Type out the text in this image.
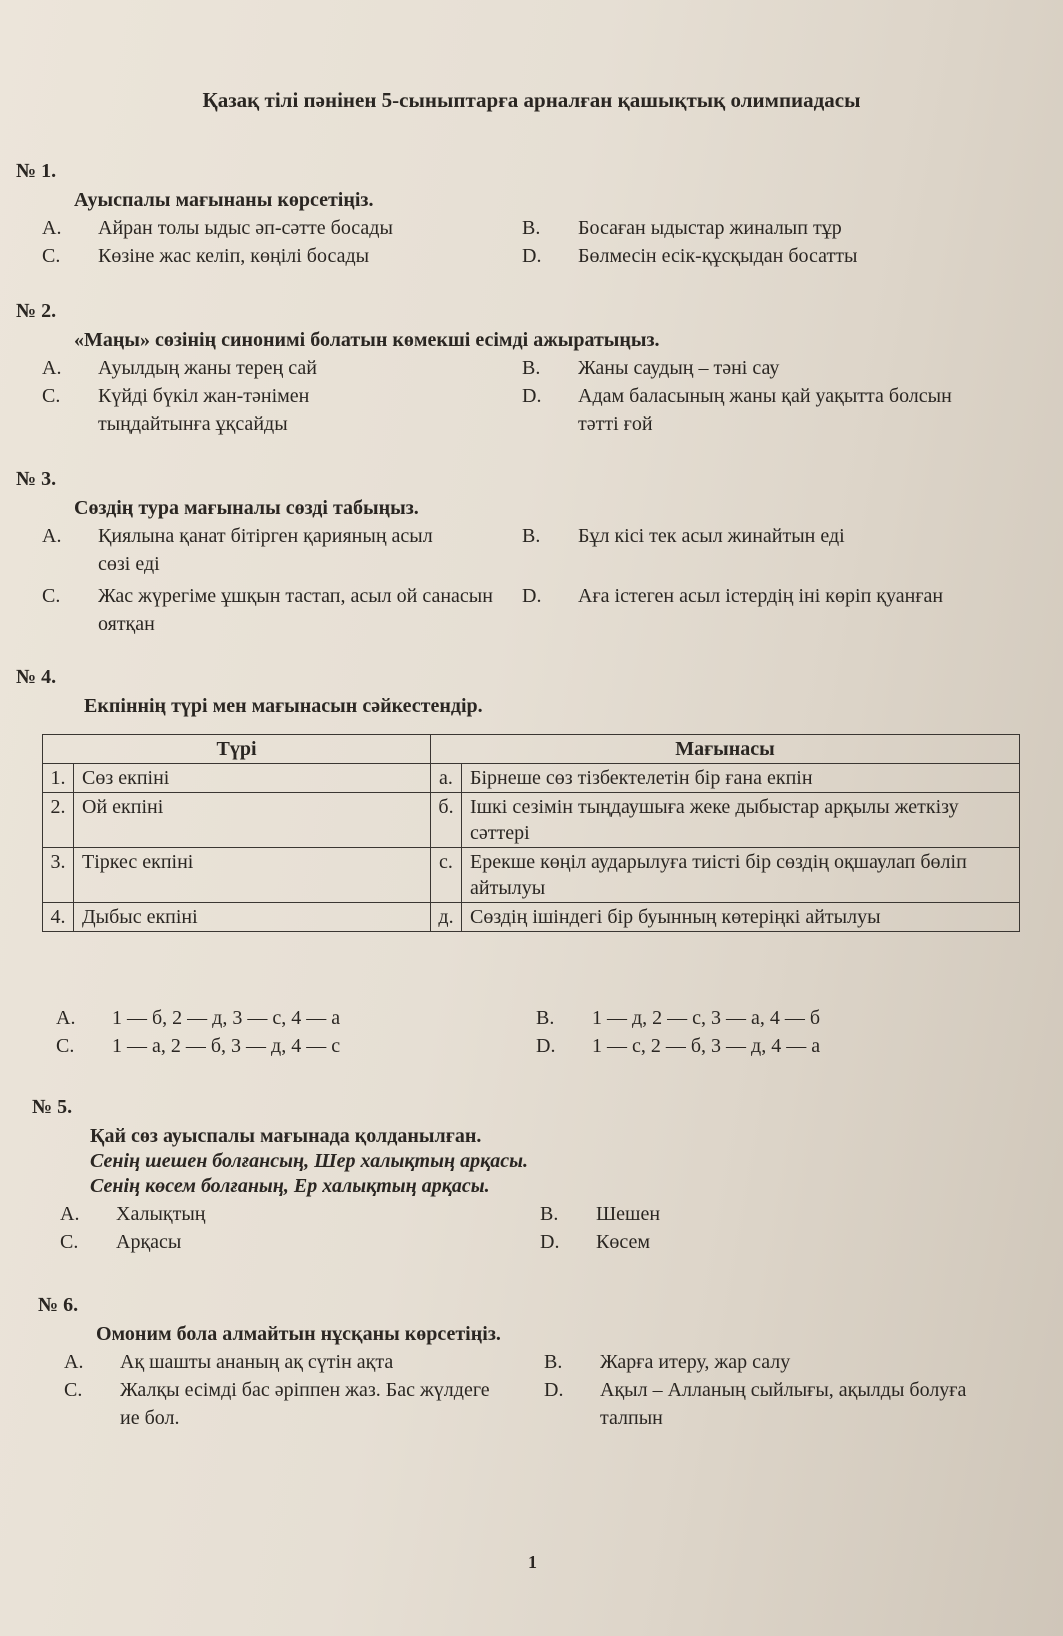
Қазақ тілі пәнінен 5-сыныптарға арналған қашықтық олимпиадасы
№ 1.
Ауыспалы мағынаны көрсетіңіз.
A.	Айран толы ыдыс әп-сәтте босады	B.	Босаған ыдыстар жиналып тұр
C.	Көзіне жас келіп, көңілі босады	D.	Бөлмесін есік-құсқыдан босатты
№ 2.
«Маңы» сөзінің синонимі болатын көмекші есімді ажыратыңыз.
A.	Ауылдың жаны терең сай	B.	Жаны саудың – тәні сау
C.	Күйді бүкіл жан-тәнімен тыңдайтынға ұқсайды
D.	Адам баласының жаны қай уақытта болсын тәтті ғой
№ 3.
Сөздің тура мағыналы сөзді табыңыз.
A.	Қиялына қанат бітірген қарияның асыл сөзі еді
B.	Бұл кісі тек асыл жинайтын еді
C.	Жас жүрегіме ұшқын тастап, асыл ой санасын оятқан
D.	Аға істеген асыл істердің іні көріп қуанған
№ 4.
Екпіннің түрі мен мағынасын сәйкестендір.
Түрі		Мағынасы	
1.	Сөз екпіні	а.	Бірнеше сөз тізбектелетін бір ғана екпін
2.	Ой екпіні	б.	Ішкі сезімін тыңдаушыға жеке дыбыстар арқылы жеткізу сәттері
3.	Тіркес екпіні	с.	Ерекше көңіл аударылуға тиісті бір сөздің оқшаулап бөліп айтылуы
4.	Дыбыс екпіні	д.	Сөздің ішіндегі бір буынның көтеріңкі айтылуы
A.	1 — б, 2 — д, 3 — с, 4 — а	B.	1 — д, 2 — с, 3 — а, 4 — б
C.	1 — а, 2 — б, 3 — д, 4 — с	D.	1 — с, 2 — б, 3 — д, 4 — а
№ 5.
Қай сөз ауыспалы мағынада қолданылған.
Сенің шешен болғансың, Шер халықтың арқасы.
Сенің көсем болғаның, Ер халықтың арқасы.
A.	Халықтың	B.	Шешен
C.	Арқасы	D.	Көсем
№ 6.
Омоним бола алмайтын нұсқаны көрсетіңіз.
A.	Ақ шашты ананың ақ сүтін ақта	B.	Жарға итеру, жар салу
C.	Жалқы есімді бас әріппен жаз. Бас жүлдеге ие бол.
D.	Ақыл – Алланың сыйлығы, ақылды болуға талпын
1
